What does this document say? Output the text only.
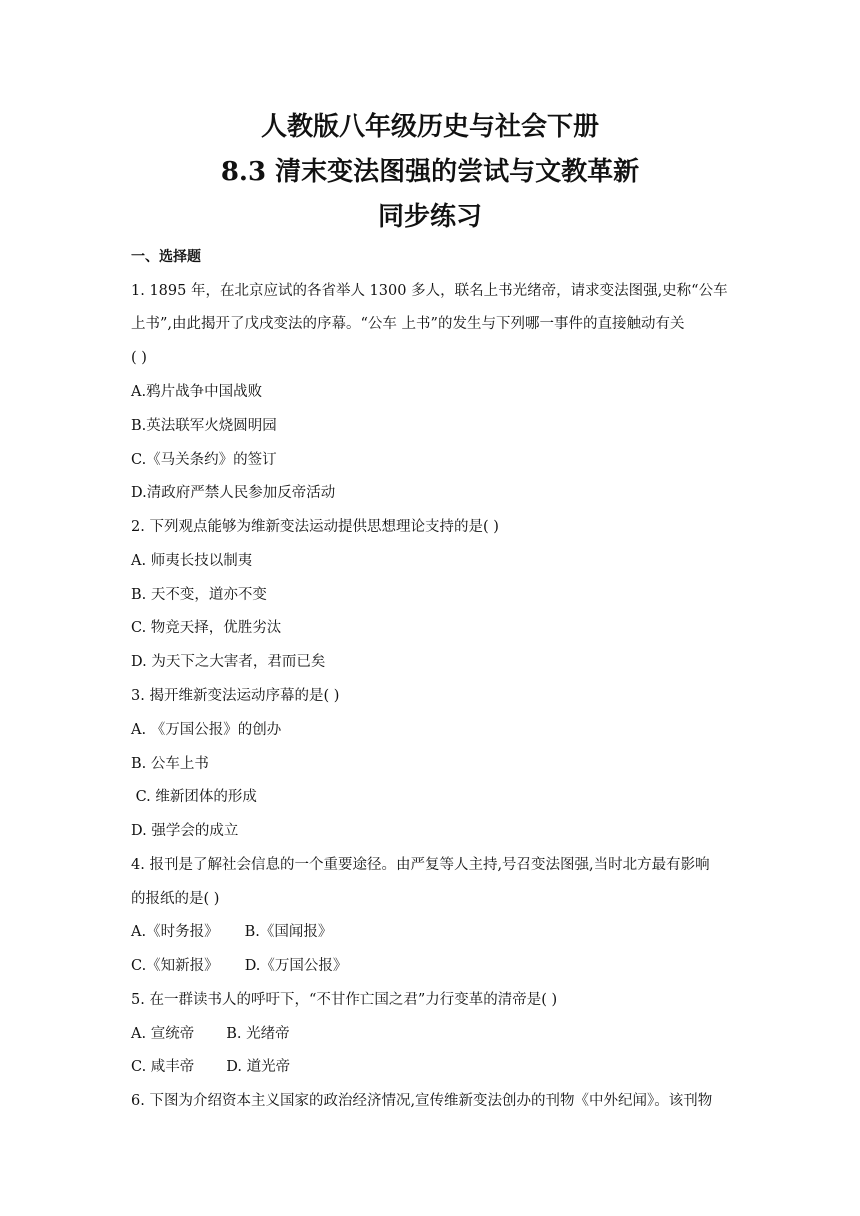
人教版八年级历史与社会下册
8.3 清末变法图强的尝试与文教革新
同步练习
一、选择题
1. 1895 年，在北京应试的各省举人 1300 多人，联名上书光绪帝，请求变法图强,史称“公车
上书”,由此揭开了戊戌变法的序幕。“公车 上书”的发生与下列哪一事件的直接触动有关
( )
A.鸦片战争中国战败
B.英法联军火烧圆明园
C.《马关条约》的签订
D.清政府严禁人民参加反帝活动
2. 下列观点能够为维新变法运动提供思想理论支持的是( )
A. 师夷长技以制夷
B. 天不变，道亦不变
C. 物竞天择，优胜劣汰
D. 为天下之大害者，君而已矣
3. 揭开维新变法运动序幕的是( )
A. 《万国公报》的创办
B. 公车上书
C. 维新团体的形成
D. 强学会的成立
4. 报刊是了解社会信息的一个重要途径。由严复等人主持,号召变法图强,当时北方最有影响
的报纸的是( )
A.《时务报》 B.《国闻报》
C.《知新报》 D.《万国公报》
5. 在一群读书人的呼吁下，“不甘作亡国之君”力行变革的清帝是( )
A. 宣统帝 B. 光绪帝
C. 咸丰帝 D. 道光帝
6. 下图为介绍资本主义国家的政治经济情况,宣传维新变法创办的刊物《中外纪闻》。该刊物
